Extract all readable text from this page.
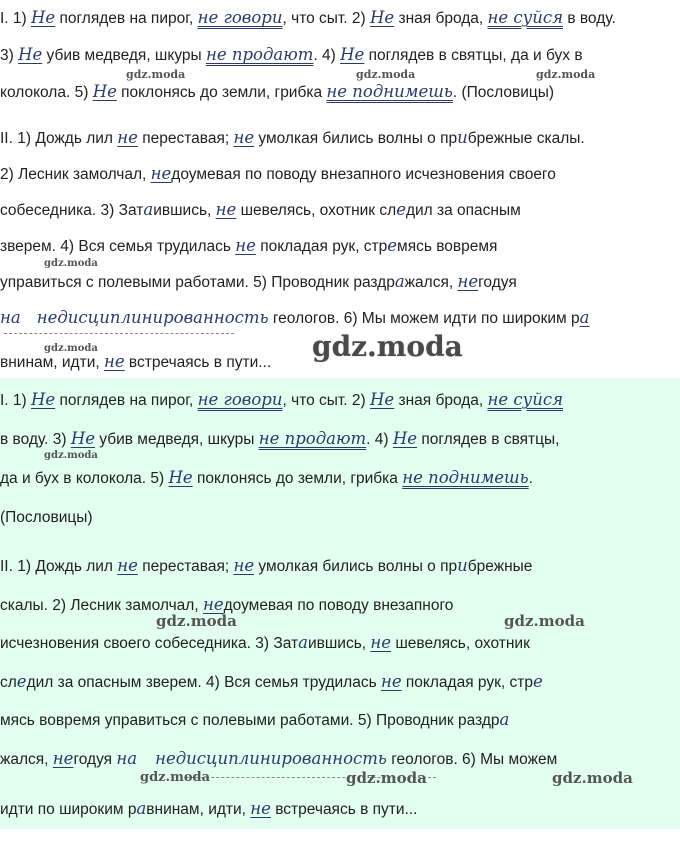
I. 1) Не поглядев на пирог, не говори, что сыт. 2) Не зная брода, не суйся в воду.
3) Не убив медведя, шкуры не продают. 4) Не поглядев в святцы, да и бух в
колокола. 5) Не поклонясь до земли, грибка не поднимешь. (Пословицы)
II. 1) Дождь лил не переставая; не умолкая бились волны о прибрежные скалы.
2) Лесник замолчал, недоумевая по поводу внезапного исчезновения своего
собеседника. 3) Затаившись, не шевелясь, охотник следил за опасным
зверем. 4) Вся семья трудилась не покладая рук, стремясь вовремя
управиться с полевыми работами. 5) Проводник раздражался, негодуя
на недисциплинированность геологов. 6) Мы можем идти по широким ра
внинам, идти, не встречаясь в пути...
gdz.moda	gdz.moda	gdz.moda
gdz.moda
gdz.moda	gdz.moda
I. 1) Не поглядев на пирог, не говори, что сыт. 2) Не зная брода, не суйся
в воду. 3) Не убив медведя, шкуры не продают. 4) Не поглядев в святцы,
да и бух в колокола. 5) Не поклонясь до земли, грибка не поднимешь.
(Пословицы)
II. 1) Дождь лил не переставая; не умолкая бились волны о прибрежные
скалы. 2) Лесник замолчал, недоумевая по поводу внезапного
исчезновения своего собеседника. 3) Затаившись, не шевелясь, охотник
следил за опасным зверем. 4) Вся семья трудилась не покладая рук, стре
мясь вовремя управиться с полевыми работами. 5) Проводник раздра
жался, негодуя на недисциплинированность геологов. 6) Мы можем
идти по широким равнинам, идти, не встречаясь в пути...
gdz.moda
gdz.moda	gdz.moda
gdz.moda	gdz.moda	gdz.moda
